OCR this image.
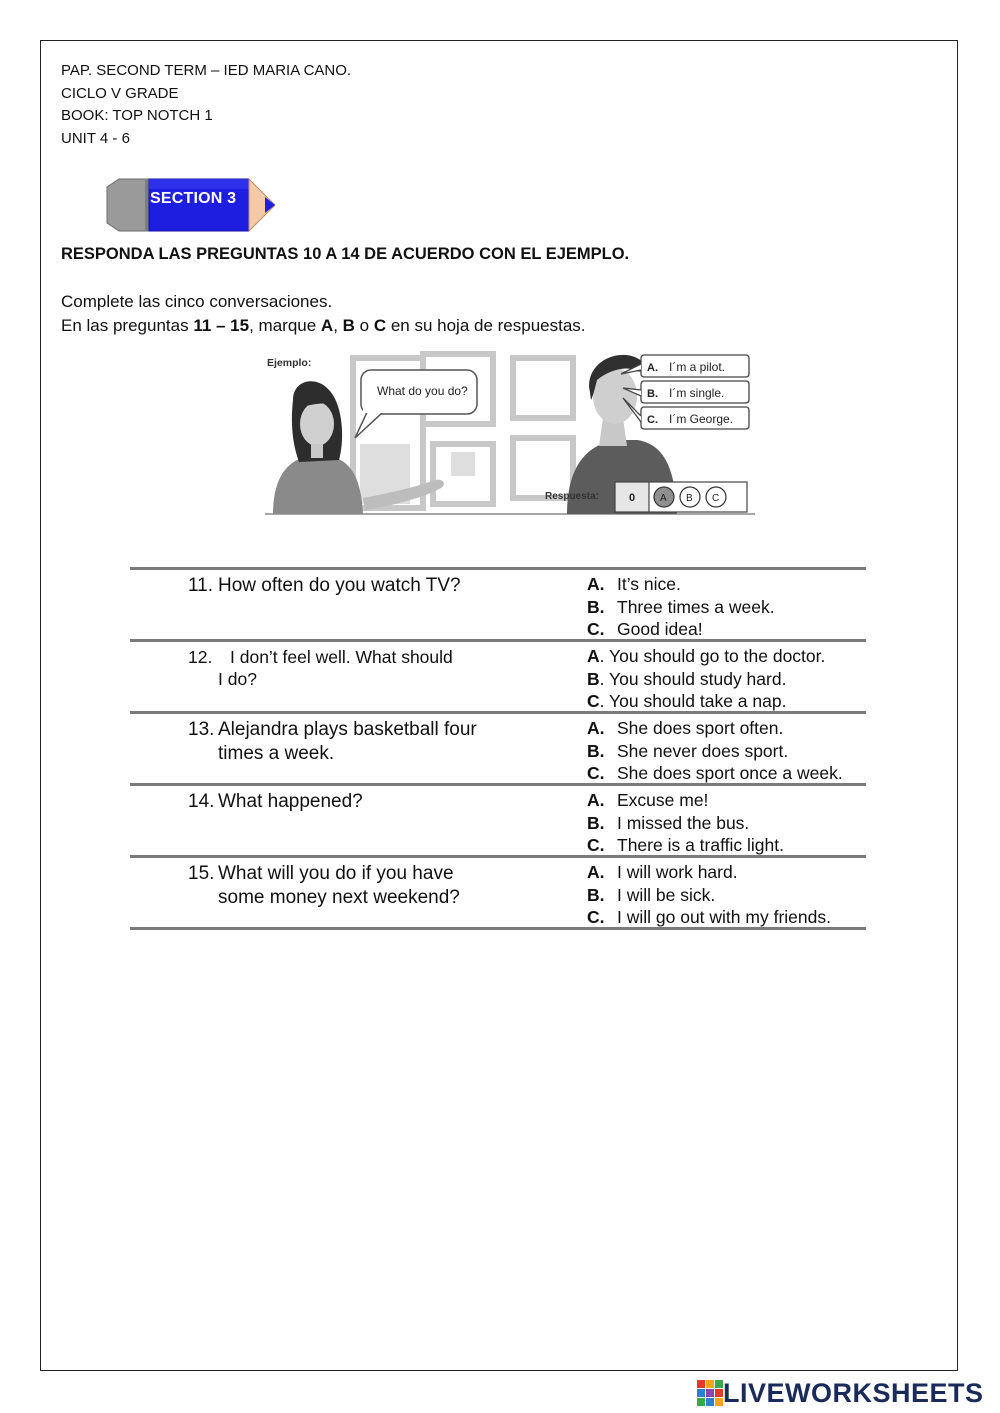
PAP. SECOND TERM – IED MARIA CANO.
CICLO V GRADE
BOOK: TOP NOTCH 1
UNIT 4 - 6
SECTION 3
RESPONDA LAS PREGUNTAS 10 A 14 DE ACUERDO CON EL EJEMPLO.
Complete las cinco conversaciones.
En las preguntas 11 – 15, marque A, B o C en su hoja de respuestas.
What do you do?
Ejemplo:	A. I´m a pilot.
B. I´m single.
C. I´m George.
Respuesta:	0 A B C
11. How often do you watch TV?	A. It’s nice.
B. Three times a week.
C. Good idea!
12. I don’t feel well. What should
I do?
A. You should go to the doctor.
B. You should study hard.
C. You should take a nap.
13. Alejandra plays basketball four
times a week.
A. She does sport often.
B. She never does sport.
C. She does sport once a week.
14. What happened?	A. Excuse me!
B. I missed the bus.
C. There is a traffic light.
15. What will you do if you have
some money next weekend?
A. I will work hard.
B. I will be sick.
C. I will go out with my friends.
LIVEWORKSHEETS
